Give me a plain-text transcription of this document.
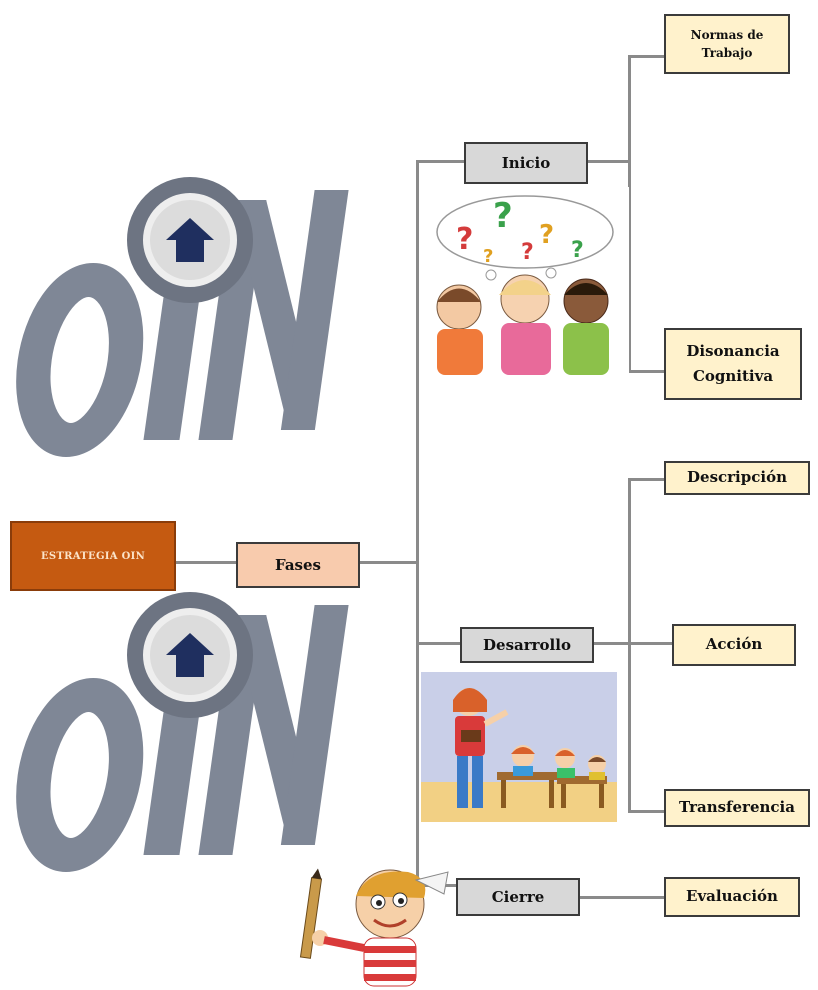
ESTRATEGIA OIN	Fases
Inicio
Desarrollo
Cierre
Normas de Trabajo
Disonancia Cognitiva
Descripción
Acción
Transferencia
Evaluación
?
? ?
? ?
?
